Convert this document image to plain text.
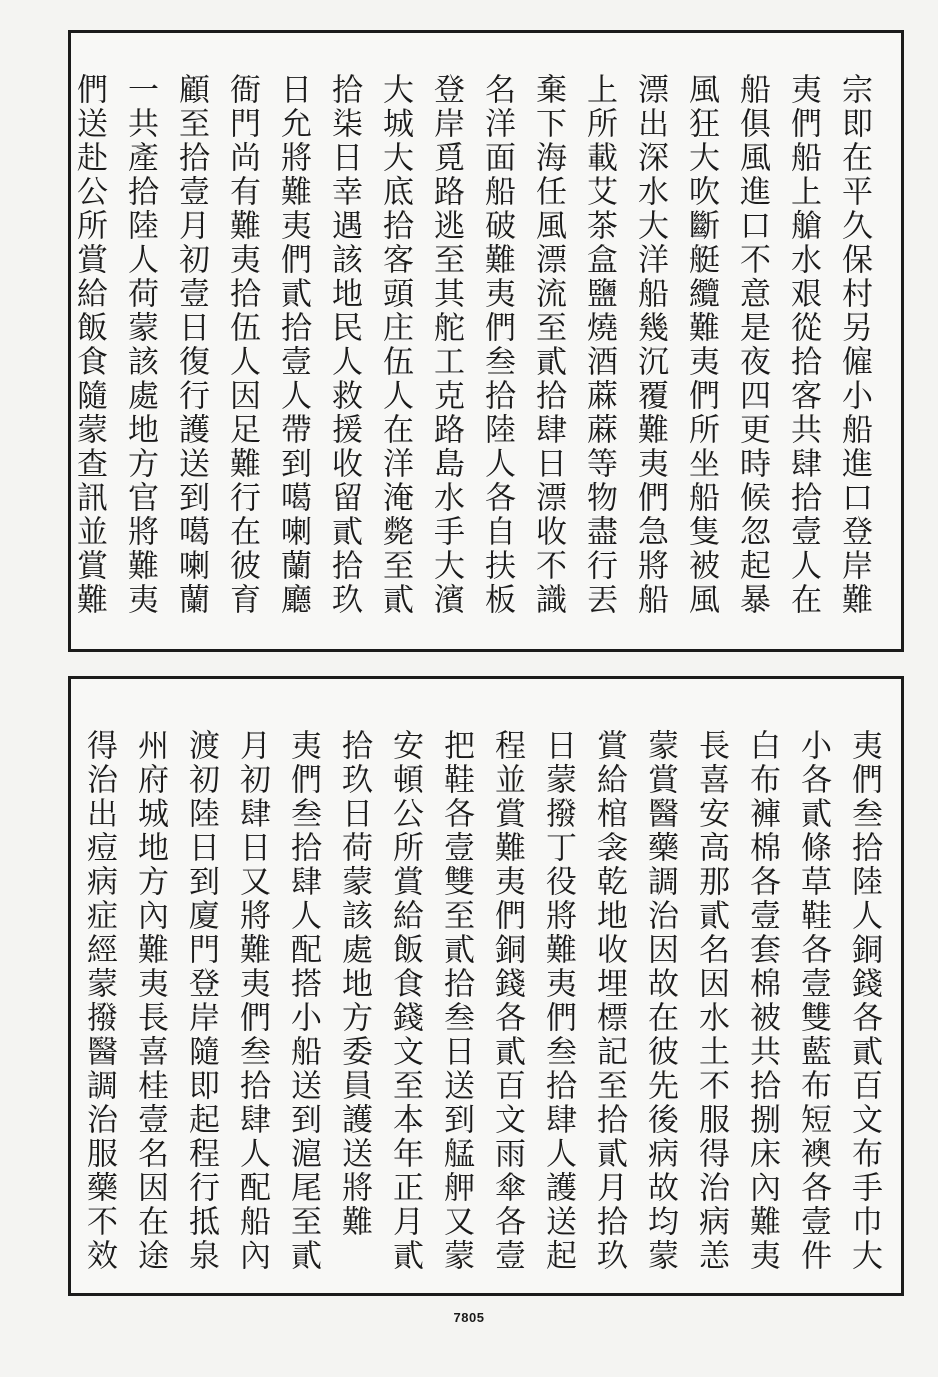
宗即在平久保村另僱小船進口登岸難
夷們船上艙水艰從拾客共肆拾壹人在
船俱風進口不意是夜四更時候忽起暴
風狂大吹斷艇纜難夷們所坐船隻被風
漂出深水大洋船幾沉覆難夷們急將船
上所載艾茶盒鹽燒酒蔴蔴等物盡行丟
棄下海任風漂流至貳拾肆日漂收不識
名洋面船破難夷們叁拾陸人各自扶板
登岸覓路逃至其舵工克路島水手大濱
大城大底拾客頭庄伍人在洋淹斃至貳
拾柒日幸遇該地民人救援收留貳拾玖
日允將難夷們貳拾壹人帶到噶喇蘭廳
衙門尚有難夷拾伍人因足難行在彼育
顧至拾壹月初壹日復行護送到噶喇蘭
一共產拾陸人荷蒙該處地方官將難夷
們送赴公所賞給飯食隨蒙查訊並賞難

夷們叁拾陸人銅錢各貳百文布手巾大
小各貳條草鞋各壹雙藍布短襖各壹件
白布褲棉各壹套棉被共拾捌床內難夷
長喜安高那貳名因水土不服得治病恙
蒙賞醫藥調治因故在彼先後病故均蒙
賞給棺衾乾地收埋標記至拾貳月拾玖
日蒙撥丁役將難夷們叁拾肆人護送起
程並賞難夷們銅錢各貳百文雨傘各壹
把鞋各壹雙至貳拾叁日送到艋舺又蒙
安頓公所賞給飯食錢文至本年正月貳
拾玖日荷蒙該處地方委員護送將難
夷們叁拾肆人配搭小船送到滬尾至貳
月初肆日又將難夷們叁拾肆人配船內
渡初陸日到廈門登岸隨即起程行抵泉
州府城地方內難夷長喜桂壹名因在途
得治出痘病症經蒙撥醫調治服藥不效

7805
